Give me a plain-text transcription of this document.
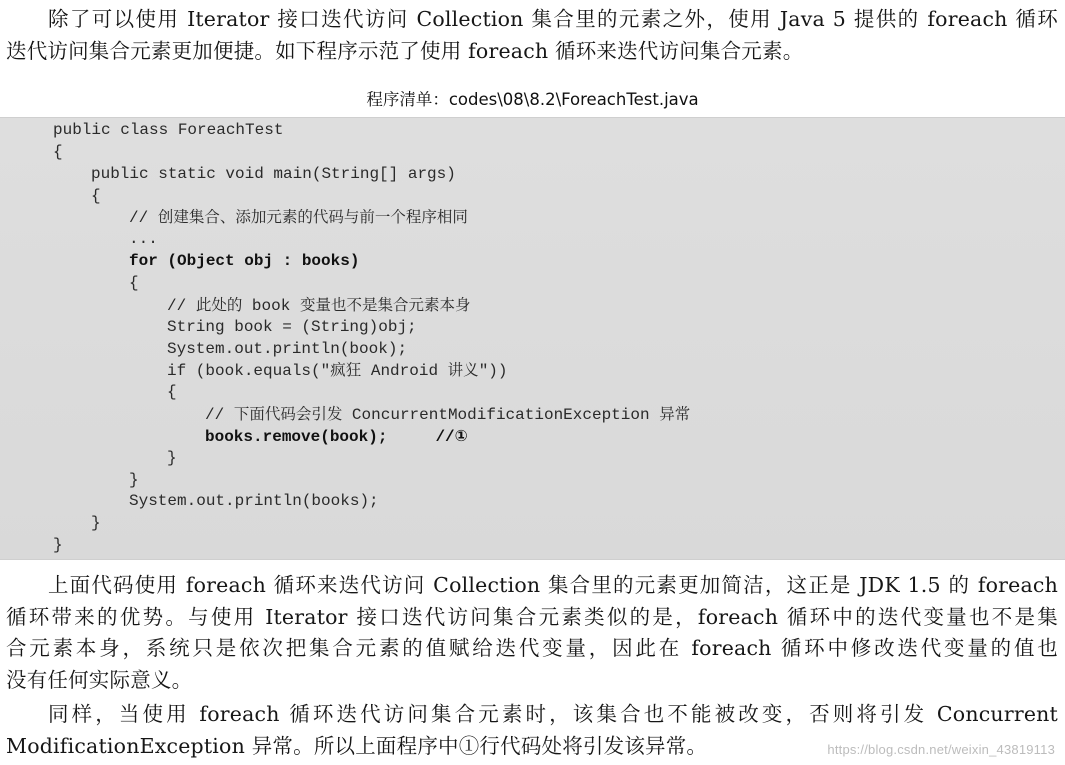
除了可以使用 Iterator 接口迭代访问 Collection 集合里的元素之外，使用 Java 5 提供的 foreach 循环
迭代访问集合元素更加便捷。如下程序示范了使用 foreach 循环来迭代访问集合元素。
程序清单：codes\08\8.2\ForeachTest.java
public class ForeachTest
{
public static void main(String[] args)
{
// 创建集合、添加元素的代码与前一个程序相同
...
for (Object obj : books)
{
// 此处的 book 变量也不是集合元素本身
String book = (String)obj;
System.out.println(book);
if (book.equals("疯狂 Android 讲义"))
{
// 下面代码会引发 ConcurrentModificationException 异常
books.remove(book);     //①
}
}
System.out.println(books);
}
}
上面代码使用 foreach 循环来迭代访问 Collection 集合里的元素更加简洁，这正是 JDK 1.5 的 foreach
循环带来的优势。与使用 Iterator 接口迭代访问集合元素类似的是，foreach 循环中的迭代变量也不是集
合元素本身，系统只是依次把集合元素的值赋给迭代变量，因此在 foreach 循环中修改迭代变量的值也
没有任何实际意义。
同样，当使用 foreach 循环迭代访问集合元素时，该集合也不能被改变，否则将引发 Concurrent
ModificationException 异常。所以上面程序中①行代码处将引发该异常。	https://blog.csdn.net/weixin_43819113
